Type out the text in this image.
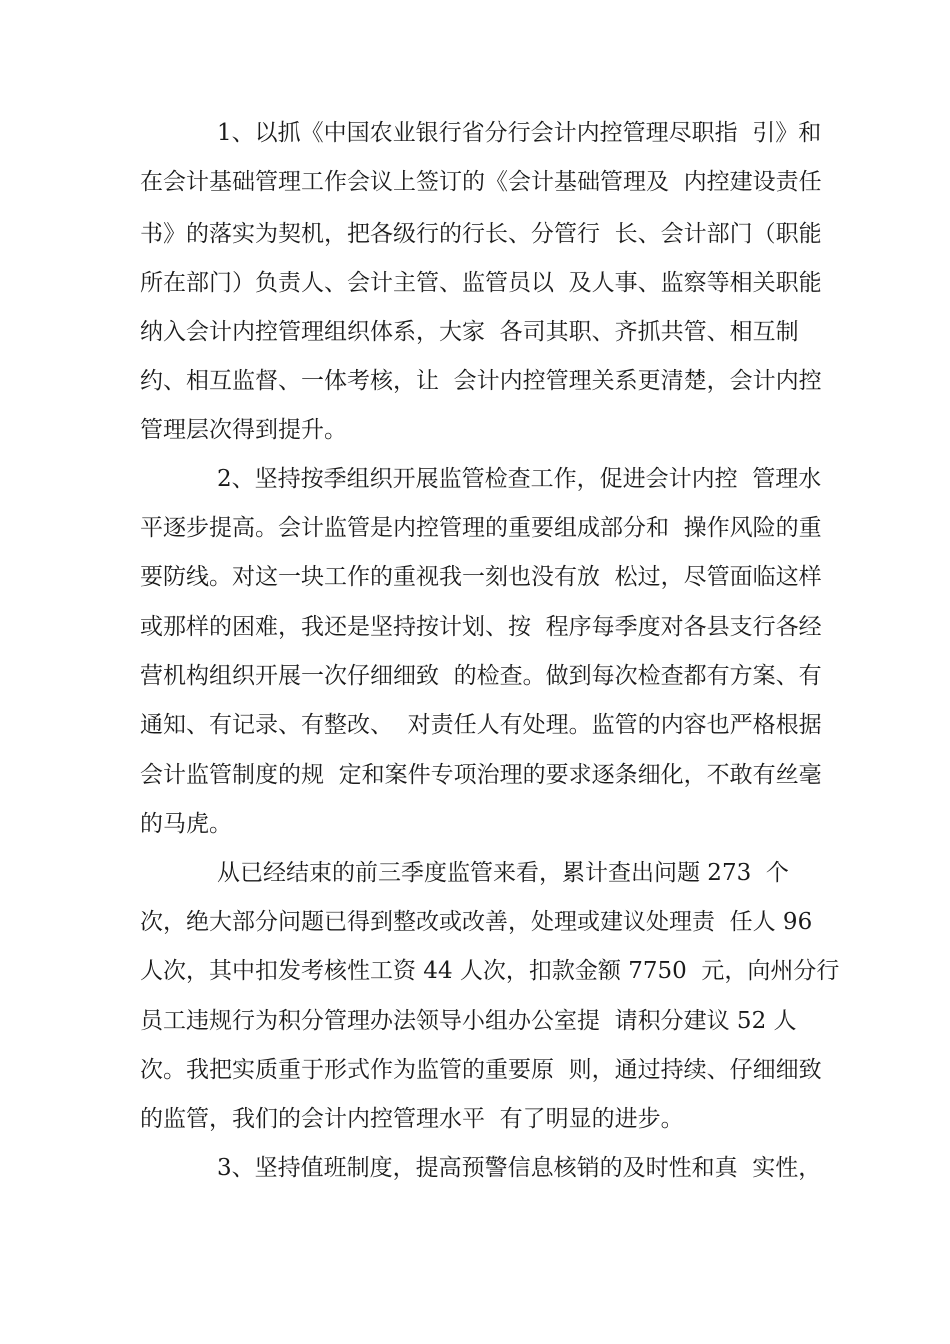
1、以抓《中国农业银行省分行会计内控管理尽职指  引》和
在会计基础管理工作会议上签订的《会计基础管理及  内控建设责任
书》的落实为契机，把各级行的行长、分管行  长、会计部门（职能
所在部门）负责人、会计主管、监管员以  及人事、监察等相关职能
纳入会计内控管理组织体系，大家  各司其职、齐抓共管、相互制
约、相互监督、一体考核，让  会计内控管理关系更清楚，会计内控
管理层次得到提升。
2、坚持按季组织开展监管检查工作，促进会计内控  管理水
平逐步提高。会计监管是内控管理的重要组成部分和  操作风险的重
要防线。对这一块工作的重视我一刻也没有放  松过，尽管面临这样
或那样的困难，我还是坚持按计划、按  程序每季度对各县支行各经
营机构组织开展一次仔细细致  的检查。做到每次检查都有方案、有
通知、有记录、有整改、  对责任人有处理。监管的内容也严格根据
会计监管制度的规  定和案件专项治理的要求逐条细化，不敢有丝毫
的马虎。
从已经结束的前三季度监管来看，累计查出问题 273  个
次，绝大部分问题已得到整改或改善，处理或建议处理责  任人 96
人次，其中扣发考核性工资 44 人次，扣款金额 7750  元，向州分行
员工违规行为积分管理办法领导小组办公室提  请积分建议 52 人
次。我把实质重于形式作为监管的重要原  则，通过持续、仔细细致
的监管，我们的会计内控管理水平  有了明显的进步。
3、坚持值班制度，提高预警信息核销的及时性和真  实性，
